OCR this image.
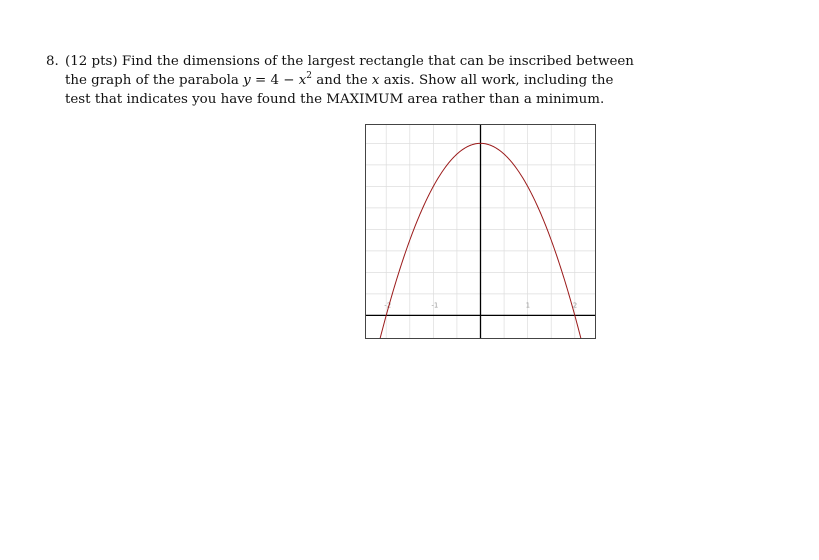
8. (12 pts) Find the dimensions of the largest rectangle that can be inscribed between
the graph of the parabola $y = 4 - x^2$ and the x axis. Show all work, including the
test that indicates you have found the MAXIMUM area rather than a minimum.
-2	-1	1	2
